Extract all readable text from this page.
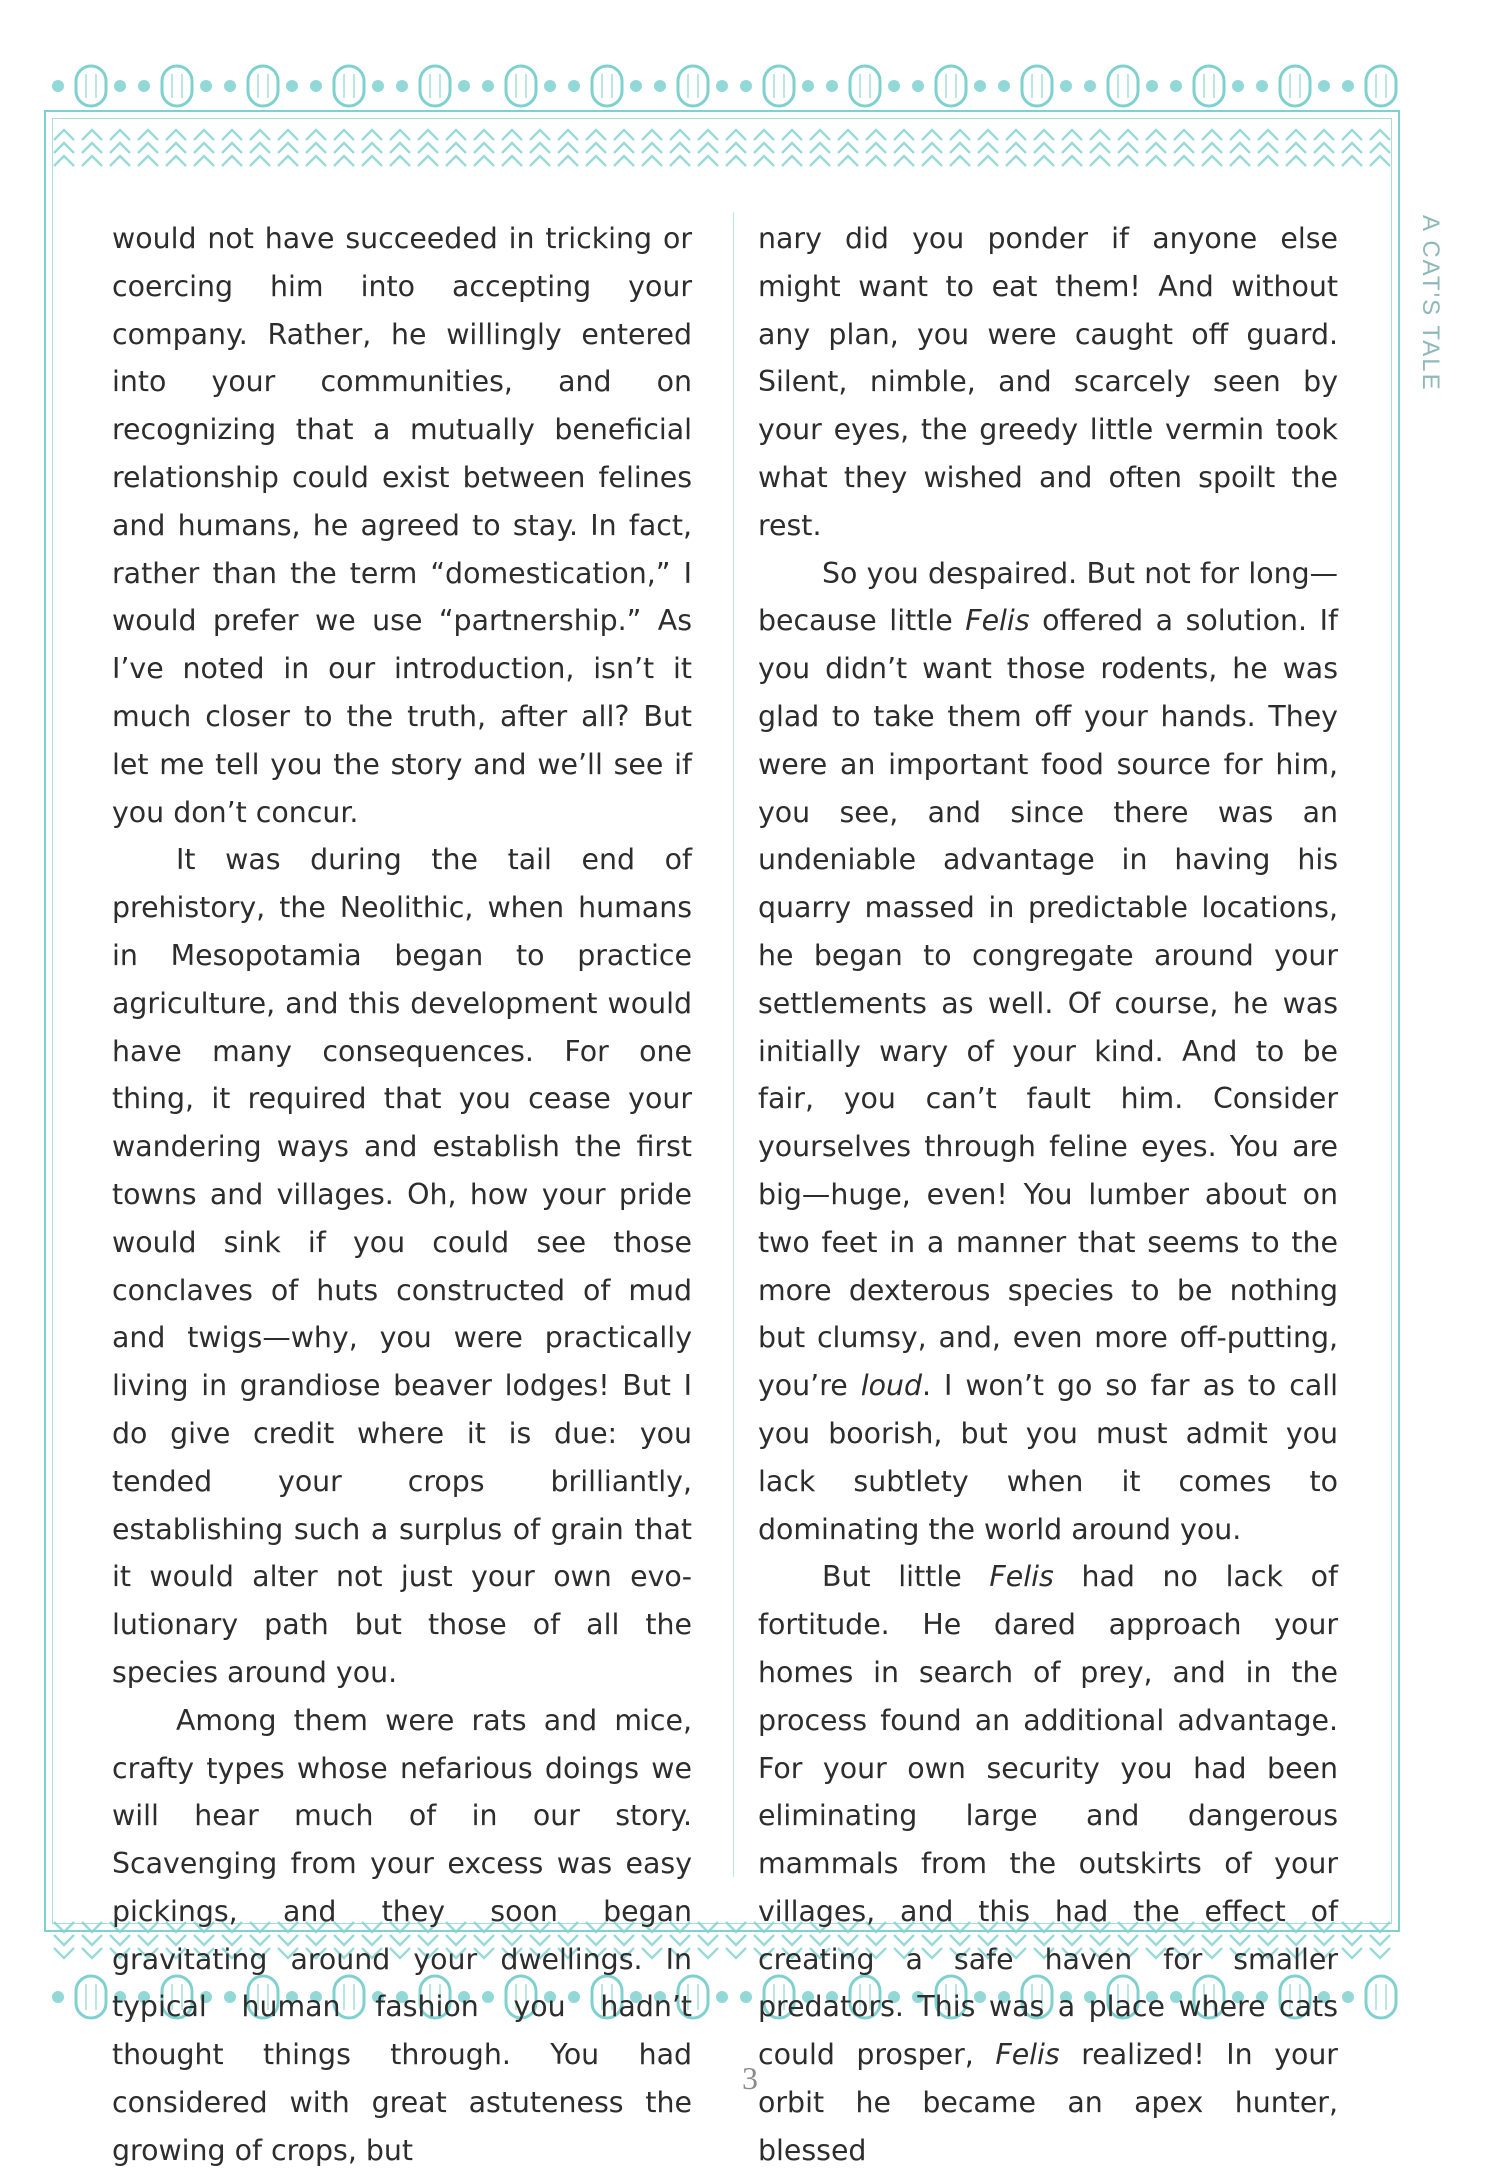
A CAT'S TALE

would not have succeeded in tricking or coercing him into accepting your company. Rather, he willingly entered into your communities, and on recognizing that a mutually beneficial relationship could exist between felines and humans, he agreed to stay. In fact, rather than the term “domestication,” I would prefer we use “partnership.” As I’ve noted in our introduction, isn’t it much closer to the truth, after all? But let me tell you the story and we’ll see if you don’t concur.

It was during the tail end of prehistory, the Neolithic, when humans in Mesopotamia began to practice agriculture, and this development would have many consequences. For one thing, it required that you cease your wandering ways and establish the first towns and villages. Oh, how your pride would sink if you could see those conclaves of huts constructed of mud and twigs—why, you were practically living in grandiose beaver lodges! But I do give credit where it is due: you tended your crops brilliantly, establishing such a surplus of grain that it would alter not just your own evolutionary path but those of all the species around you.

Among them were rats and mice, crafty types whose nefarious doings we will hear much of in our story. Scavenging from your excess was easy pickings, and they soon began gravitating around your dwellings. In typical human fashion you hadn’t thought things through. You had considered with great astuteness the growing of crops, but

nary did you ponder if anyone else might want to eat them! And without any plan, you were caught off guard. Silent, nimble, and scarcely seen by your eyes, the greedy little vermin took what they wished and often spoilt the rest.

So you despaired. But not for long—because little Felis offered a solution. If you didn’t want those rodents, he was glad to take them off your hands. They were an important food source for him, you see, and since there was an undeniable advantage in having his quarry massed in predictable locations, he began to congregate around your settlements as well. Of course, he was initially wary of your kind. And to be fair, you can’t fault him. Consider yourselves through feline eyes. You are big—huge, even! You lumber about on two feet in a manner that seems to the more dexterous species to be nothing but clumsy, and, even more off-putting, you’re loud. I won’t go so far as to call you boorish, but you must admit you lack subtlety when it comes to dominating the world around you.

But little Felis had no lack of fortitude. He dared approach your homes in search of prey, and in the process found an additional advantage. For your own security you had been eliminating large and dangerous mammals from the outskirts of your villages, and this had the effect of creating a safe haven for smaller predators. This was a place where cats could prosper, Felis realized! In your orbit he became an apex hunter, blessed

3
